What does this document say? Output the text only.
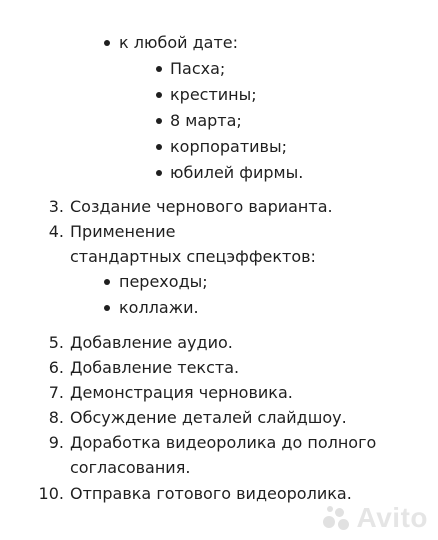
к любой дате:
Пасха;
крестины;
8 марта;
корпоративы;
юбилей фирмы.
3. Создание чернового варианта.
4. Применение
стандартных спецэффектов:
переходы;
коллажи.
5. Добавление аудио.
6. Добавление текста.
7. Демонстрация черновика.
8. Обсуждение деталей слайдшоу.
9. Доработка видеоролика до полного
согласования.
10. Отправка готового видеоролика.
Avito
